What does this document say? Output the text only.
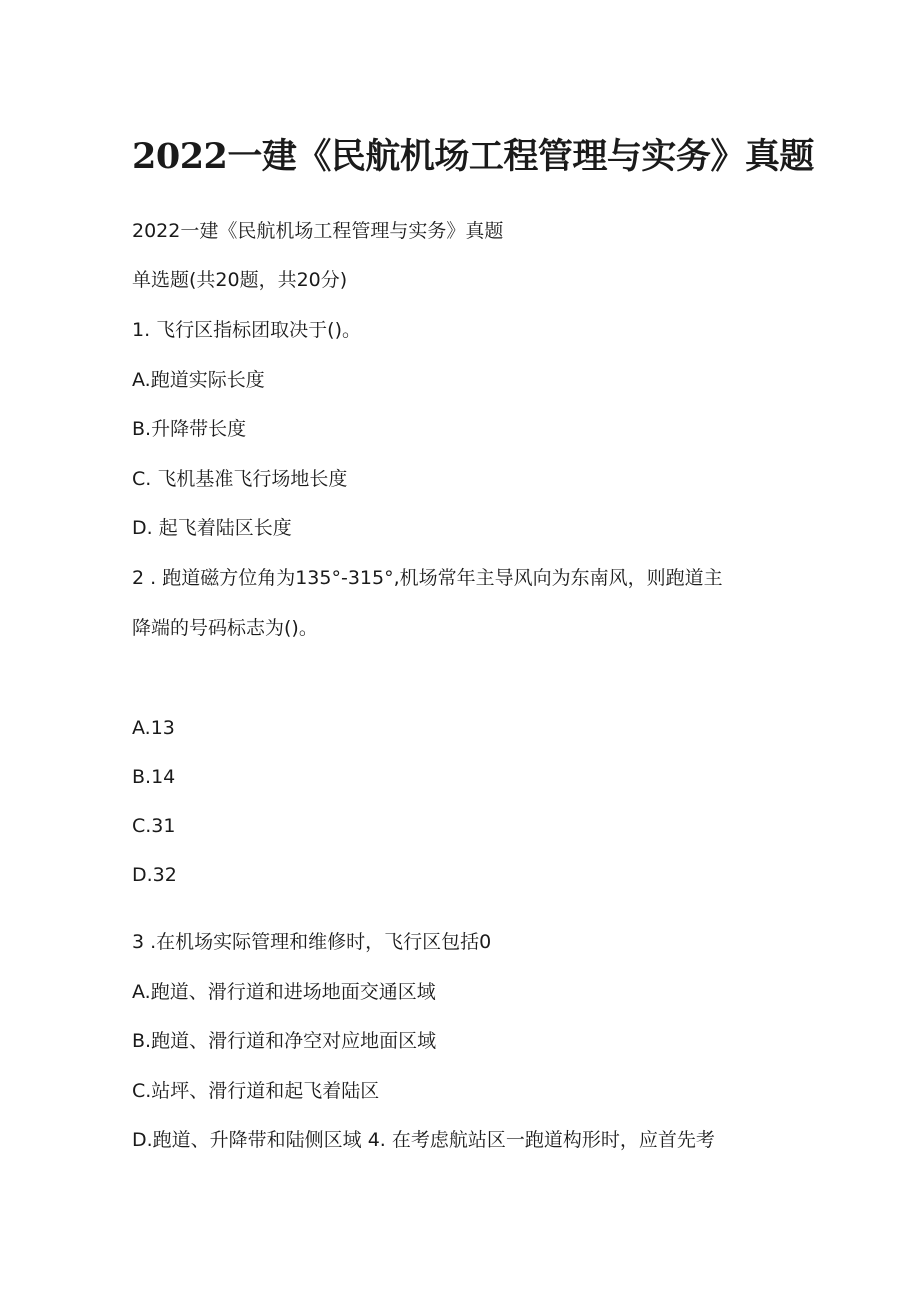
2022一建《民航机场工程管理与实务》真题
2022一建《民航机场工程管理与实务》真题
单选题(共20题，共20分)
1. 飞行区指标团取决于()。
A.跑道实际长度
B.升降带长度
C. 飞机基准飞行场地长度
D. 起飞着陆区长度
2 . 跑道磁方位角为135°-315°,机场常年主导风向为东南风，则跑道主
降端的号码标志为()。
A.13
B.14
C.31
D.32
3 .在机场实际管理和维修时，飞行区包括0
A.跑道、滑行道和进场地面交通区域
B.跑道、滑行道和净空对应地面区域
C.站坪、滑行道和起飞着陆区
D.跑道、升降带和陆侧区域 4. 在考虑航站区一跑道构形时，应首先考
